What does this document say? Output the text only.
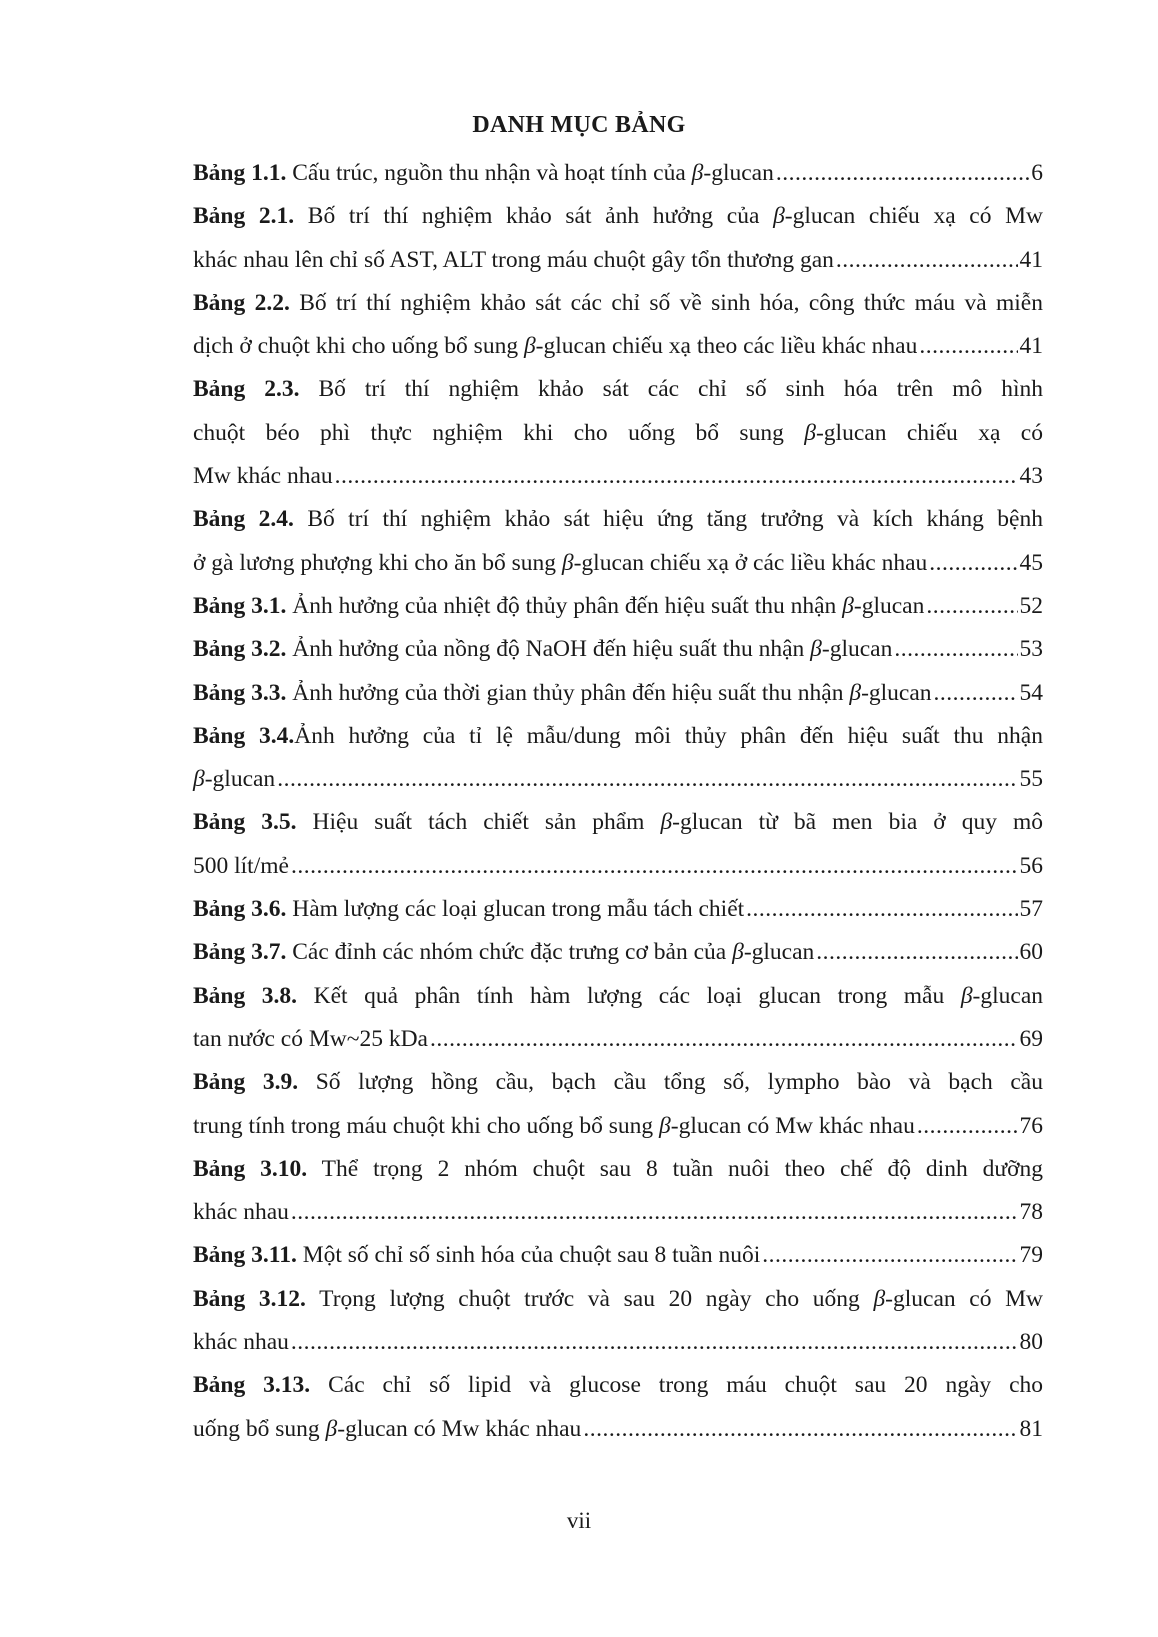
DANH MỤC BẢNG

Bảng 1.1. Cấu trúc, nguồn thu nhận và hoạt tính của β-glucan .....	6

Bảng 2.1. Bố trí thí nghiệm khảo sát ảnh hưởng của β-glucan chiếu xạ có Mw

khác nhau lên chỉ số AST, ALT trong máu chuột gây tổn thương gan .....	41

Bảng 2.2. Bố trí thí nghiệm khảo sát các chỉ số về sinh hóa, công thức máu và miễn

dịch ở chuột khi cho uống bổ sung β-glucan chiếu xạ theo các liều khác nhau .....	41

Bảng 2.3. Bố trí thí nghiệm khảo sát các chỉ số sinh hóa trên mô hình

chuột béo phì thực nghiệm khi cho uống bổ sung β-glucan chiếu xạ có

Mw khác nhau .....	43

Bảng 2.4. Bố trí thí nghiệm khảo sát hiệu ứng tăng trưởng và kích kháng bệnh

ở gà lương phượng khi cho ăn bổ sung β-glucan chiếu xạ ở các liều khác nhau .....	45

Bảng 3.1. Ảnh hưởng của nhiệt độ thủy phân đến hiệu suất thu nhận β-glucan .....	52

Bảng 3.2. Ảnh hưởng của nồng độ NaOH đến hiệu suất thu nhận β-glucan .....	53

Bảng 3.3. Ảnh hưởng của thời gian thủy phân đến hiệu suất thu nhận β-glucan .....	54

Bảng 3.4.Ảnh hưởng của tỉ lệ mẫu/dung môi thủy phân đến hiệu suất thu nhận

β-glucan .....	55

Bảng 3.5. Hiệu suất tách chiết sản phẩm β-glucan từ bã men bia ở quy mô

500 lít/mẻ .....	56

Bảng 3.6. Hàm lượng các loại glucan trong mẫu tách chiết .....	57

Bảng 3.7. Các đỉnh các nhóm chức đặc trưng cơ bản của β-glucan .....	60

Bảng 3.8. Kết quả phân tính hàm lượng các loại glucan trong mẫu β-glucan

tan nước có Mw~25 kDa .....	69

Bảng 3.9. Số lượng hồng cầu, bạch cầu tổng số, lympho bào và bạch cầu

trung tính trong máu chuột khi cho uống bổ sung β-glucan có Mw khác nhau .....	76

Bảng 3.10. Thể trọng 2 nhóm chuột sau 8 tuần nuôi theo chế độ dinh dưỡng

khác nhau .....	78

Bảng 3.11. Một số chỉ số sinh hóa của chuột sau 8 tuần nuôi .....	79

Bảng 3.12. Trọng lượng chuột trước và sau 20 ngày cho uống β-glucan có Mw

khác nhau .....	80

Bảng 3.13. Các chỉ số lipid và glucose trong máu chuột sau 20 ngày cho

uống bổ sung β-glucan có Mw khác nhau .....	81

vii
